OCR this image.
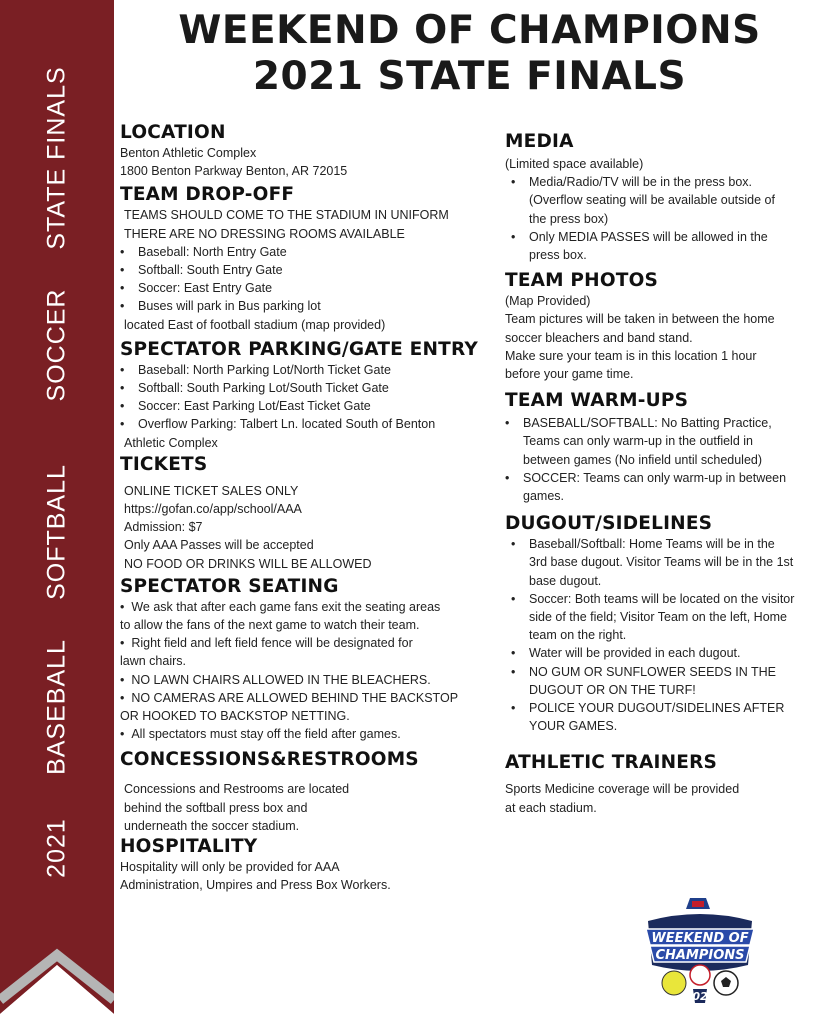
2021
BASEBALL
SOFTBALL
SOCCER
STATE FINALS
WEEKEND OF CHAMPIONS
2021 STATE FINALS
LOCATION
Benton Athletic Complex
1800 Benton Parkway Benton, AR 72015
TEAM DROP-OFF
TEAMS SHOULD COME TO THE STADIUM IN UNIFORM
THERE ARE NO DRESSING ROOMS AVAILABLE
• Baseball: North Entry Gate
• Softball: South Entry Gate
• Soccer: East Entry Gate
• Buses will park in Bus parking lot
located East of football stadium (map provided)
SPECTATOR PARKING/GATE ENTRY
• Baseball: North Parking Lot/North Ticket Gate
• Softball: South Parking Lot/South Ticket Gate
• Soccer: East Parking Lot/East Ticket Gate
• Overflow Parking: Talbert Ln. located South of Benton
Athletic Complex
TICKETS
ONLINE TICKET SALES ONLY
https://gofan.co/app/school/AAA
Admission: $7
Only AAA Passes will be accepted
NO FOOD OR DRINKS WILL BE ALLOWED
SPECTATOR SEATING
•  We ask that after each game fans exit the seating areas
to allow the fans of the next game to watch their team.
•  Right field and left field fence will be designated for
lawn chairs.
•  NO LAWN CHAIRS ALLOWED IN THE BLEACHERS.
•  NO CAMERAS ARE ALLOWED BEHIND THE BACKSTOP
OR HOOKED TO BACKSTOP NETTING.
•  All spectators must stay off the field after games.
CONCESSIONS&RESTROOMS
Concessions and Restrooms are located
behind the softball press box and
underneath the soccer stadium.
HOSPITALITY
Hospitality will only be provided for AAA
Administration, Umpires and Press Box Workers.
MEDIA
(Limited space available)
• Media/Radio/TV will be in the press box.
(Overflow seating will be available outside of
the press box)
• Only MEDIA PASSES will be allowed in the
press box.
TEAM PHOTOS
(Map Provided)
Team pictures will be taken in between the home
soccer bleachers and band stand.
Make sure your team is in this location 1 hour
before your game time.
TEAM WARM-UPS
• BASEBALL/SOFTBALL: No Batting Practice,
Teams can only warm-up in the outfield in
between games (No infield until scheduled)
• SOCCER: Teams can only warm-up in between
games.
DUGOUT/SIDELINES
• Baseball/Softball: Home Teams will be in the
3rd base dugout. Visitor Teams will be in the 1st
base dugout.
• Soccer: Both teams will be located on the visitor
side of the field; Visitor Team on the left, Home
team on the right.
• Water will be provided in each dugout.
• NO GUM OR SUNFLOWER SEEDS IN THE
DUGOUT OR ON THE TURF!
• POLICE YOUR DUGOUT/SIDELINES AFTER
YOUR GAMES.
ATHLETIC TRAINERS
Sports Medicine coverage will be provided
at each stadium.
WEEKEND OF
CHAMPIONS
2021
